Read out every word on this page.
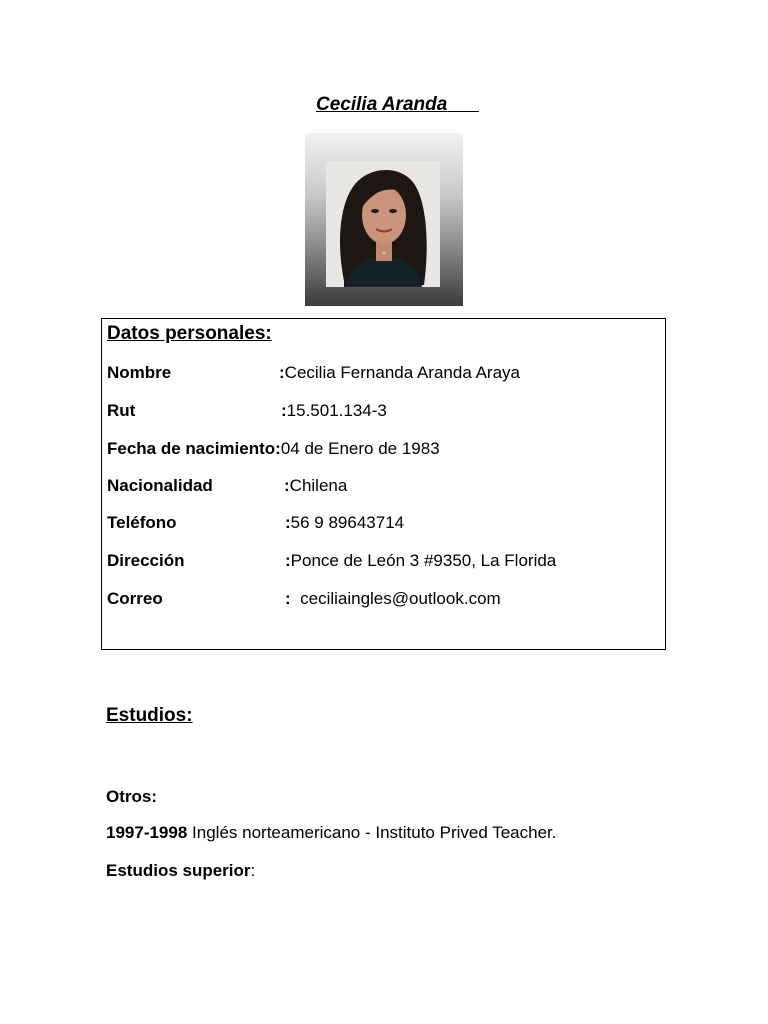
Cecilia Aranda
Datos personales:
Nombre	:Cecilia Fernanda Aranda Araya
Rut	:15.501.134-3
Fecha de nacimiento:04 de Enero de 1983
Nacionalidad	:Chilena
Teléfono	:56 9 89643714
Dirección	:Ponce de León 3 #9350, La Florida
Correo	:  ceciliaingles@outlook.com
Estudios:
Otros:
1997-1998 Inglés norteamericano - Instituto Prived Teacher.
Estudios superior:
